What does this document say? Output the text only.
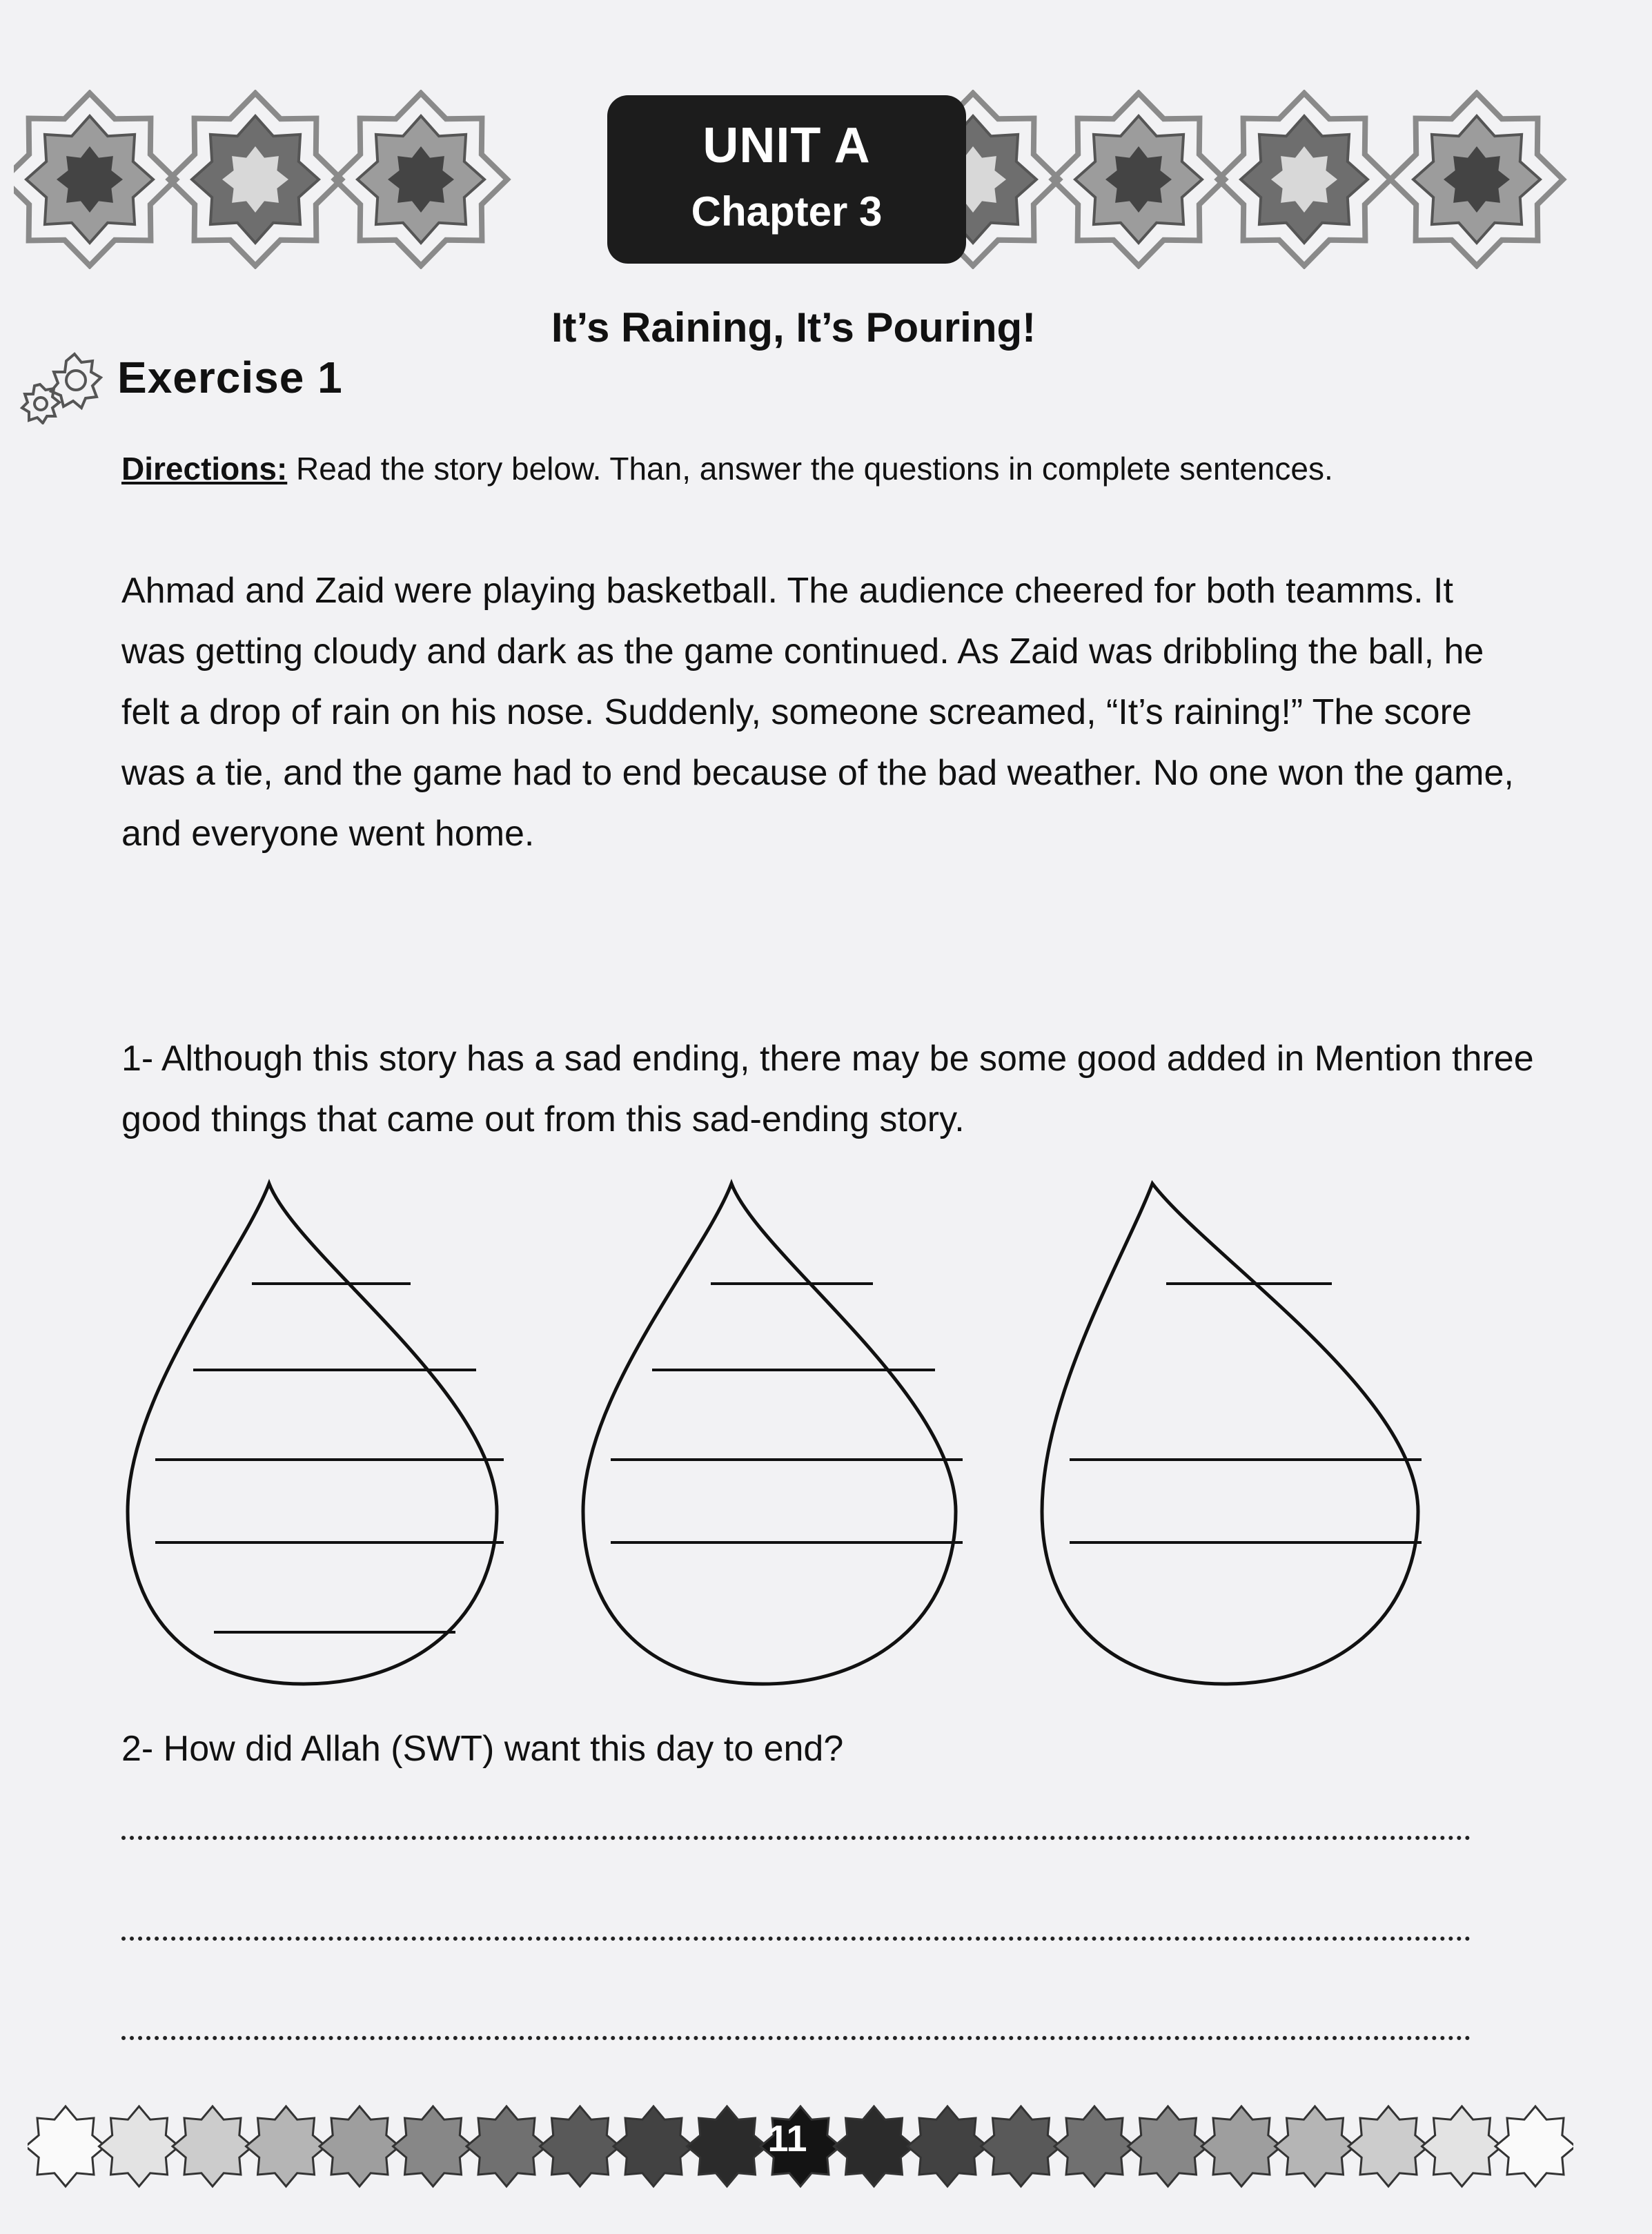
UNIT A
Chapter 3
It’s Raining, It’s Pouring!
Exercise 1
Directions: Read the story below. Than, answer the questions in complete sentences.
Ahmad and Zaid were playing basketball. The audience cheered for both teamms. It was getting cloudy and dark as the game continued. As Zaid was dribbling the ball, he felt a drop of rain on his nose. Suddenly, someone screamed, “It’s raining!” The score was a tie, and the game had to end because of the bad weather. No one won the game, and everyone went home.
1- Although this story has a sad ending, there may be some good added in Mention three good things that came out from this sad-ending story.
2- How did Allah (SWT) want this day to end?
11
